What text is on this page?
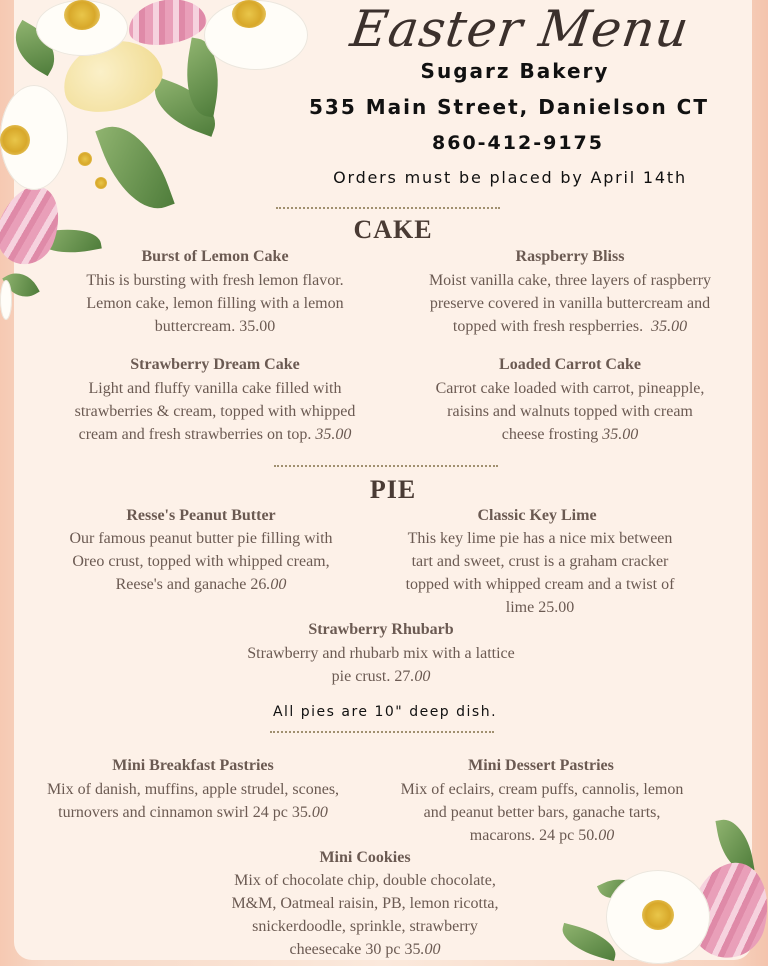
Easter Menu
Sugarz Bakery
535 Main Street, Danielson CT
860-412-9175
Orders must be placed by April 14th
CAKE
Burst of Lemon Cake
This is bursting with fresh lemon flavor.
Lemon cake, lemon filling with a lemon
buttercream. 35.00
Raspberry Bliss
Moist vanilla cake, three layers of raspberry
preserve covered in vanilla buttercream and
topped with fresh respberries. 35.00
Strawberry Dream Cake
Light and fluffy vanilla cake filled with
strawberries & cream, topped with whipped
cream and fresh strawberries on top. 35.00
Loaded Carrot Cake
Carrot cake loaded with carrot, pineapple,
raisins and walnuts topped with cream
cheese frosting 35.00
PIE
Resse's Peanut Butter
Our famous peanut butter pie filling with
Oreo crust, topped with whipped cream,
Reese's and ganache 26.00
Classic Key Lime
This key lime pie has a nice mix between
tart and sweet, crust is a graham cracker
topped with whipped cream and a twist of
lime 25.00
Strawberry Rhubarb
Strawberry and rhubarb mix with a lattice
pie crust. 27.00
All pies are 10" deep dish.
Mini Breakfast Pastries
Mix of danish, muffins, apple strudel, scones,
turnovers and cinnamon swirl 24 pc 35.00
Mini Dessert Pastries
Mix of eclairs, cream puffs, cannolis, lemon
and peanut better bars, ganache tarts,
macarons. 24 pc 50.00
Mini Cookies
Mix of chocolate chip, double chocolate,
M&M, Oatmeal raisin, PB, lemon ricotta,
snickerdoodle, sprinkle, strawberry
cheesecake 30 pc 35.00
